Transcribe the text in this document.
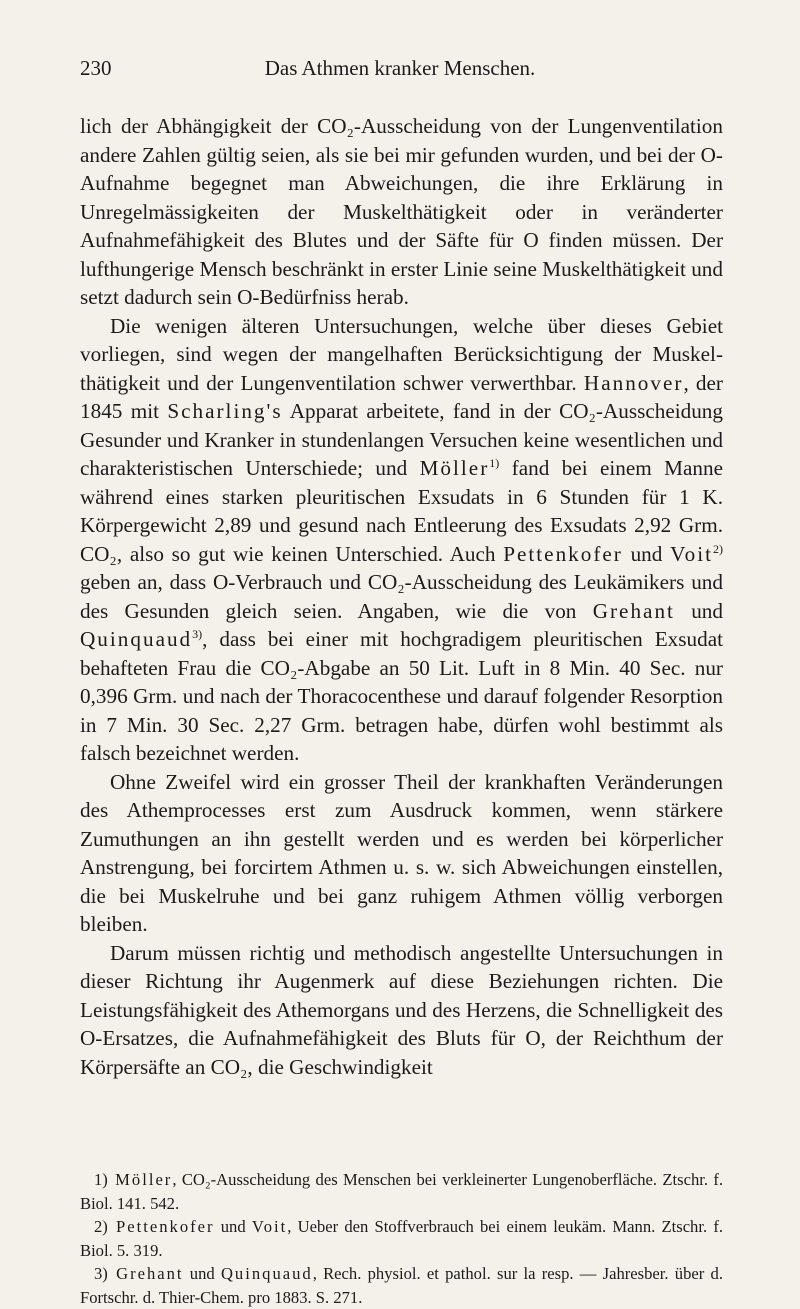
230	Das Athmen kranker Menschen.

lich der Abhängigkeit der CO₂-Ausscheidung von der Lungenventilation andere Zahlen gültig seien, als sie bei mir gefunden wurden, und bei der O-Aufnahme begegnet man Abweichungen, die ihre Erklärung in Unregelmässigkeiten der Muskelthätigkeit oder in veränderter Aufnahmefähigkeit des Blutes und der Säfte für O finden müssen. Der lufthungerige Mensch beschränkt in erster Linie seine Muskelthätigkeit und setzt dadurch sein O-Bedürfniss herab.

Die wenigen älteren Untersuchungen, welche über dieses Gebiet vorliegen, sind wegen der mangelhaften Berücksichtigung der Muskelthätigkeit und der Lungenventilation schwer verwerthbar. Hannover, der 1845 mit Scharling's Apparat arbeitete, fand in der CO₂-Ausscheidung Gesunder und Kranker in stundenlangen Versuchen keine wesentlichen und charakteristischen Unterschiede; und Möller$^{1)}$ fand bei einem Manne während eines starken pleuritischen Exsudats in 6 Stunden für 1 K. Körpergewicht 2,89 und gesund nach Entleerung des Exsudats 2,92 Grm. CO₂, also so gut wie keinen Unterschied. Auch Pettenkofer und Voit$^{2)}$ geben an, dass O-Verbrauch und CO₂-Ausscheidung des Leukämikers und des Gesunden gleich seien. Angaben, wie die von Grehant und Quinquaud$^{3)}$, dass bei einer mit hochgradigem pleuritischen Exsudat behafteten Frau die CO₂-Abgabe an 50 Lit. Luft in 8 Min. 40 Sec. nur 0,396 Grm. und nach der Thoracocenthese und darauf folgender Resorption in 7 Min. 30 Sec. 2,27 Grm. betragen habe, dürfen wohl bestimmt als falsch bezeichnet werden.

Ohne Zweifel wird ein grosser Theil der krankhaften Veränderungen des Athemprocesses erst zum Ausdruck kommen, wenn stärkere Zumuthungen an ihn gestellt werden und es werden bei körperlicher Anstrengung, bei forcirtem Athmen u. s. w. sich Abweichungen einstellen, die bei Muskelruhe und bei ganz ruhigem Athmen völlig verborgen bleiben.

Darum müssen richtig und methodisch angestellte Untersuchungen in dieser Richtung ihr Augenmerk auf diese Beziehungen richten. Die Leistungsfähigkeit des Athemorgans und des Herzens, die Schnelligkeit des O-Ersatzes, die Aufnahmefähigkeit des Bluts für O, der Reichthum der Körpersäfte an CO₂, die Geschwindigkeit

1) Möller, CO₂-Ausscheidung des Menschen bei verkleinerter Lungenoberfläche. Ztschr. f. Biol. 141. 542.

2) Pettenkofer und Voit, Ueber den Stoffverbrauch bei einem leukäm. Mann. Ztschr. f. Biol. 5. 319.

3) Grehant und Quinquaud, Rech. physiol. et pathol. sur la resp. — Jahresber. über d. Fortschr. d. Thier-Chem. pro 1883. S. 271.
